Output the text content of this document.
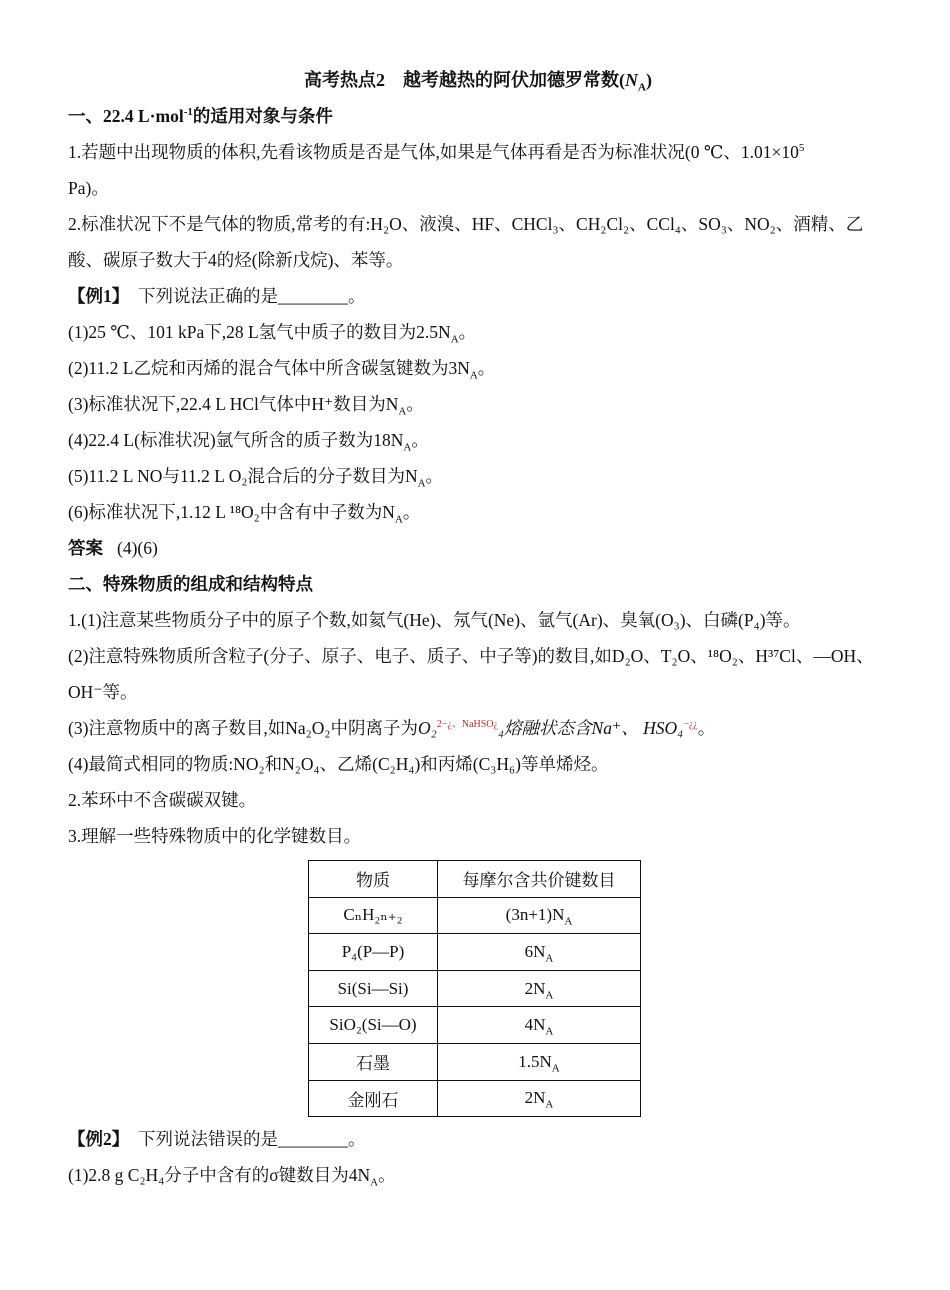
高考热点2　越考越热的阿伏加德罗常数$(N_A)$
一、22.4 L·mol$^{-1}$的适用对象与条件
1.若题中出现物质的体积,先看该物质是否是气体,如果是气体再看是否为标准状况(0 ℃、$1.01\times 10^5$
Pa)。
2.标准状况下不是气体的物质,常考的有:H₂O、液溴、HF、CHCl₃、CH₂Cl₂、CCl₄、SO₃、NO₂、酒精、乙酸、碳原子数大于4的烃(除新戊烷)、苯等。
【例1】　下列说法正确的是________。
(1)25 ℃、101 kPa下,28 L氢气中质子的数目为$2.5N_A$。
(2)11.2 L乙烷和丙烯的混合气体中所含碳氢键数为$3N_A$。
(3)标准状况下,22.4 L HCl气体中H⁺数目为$N_A$。
(4)22.4 L(标准状况)氩气所含的质子数为$18N_A$。
(5)11.2 L NO与11.2 L O₂混合后的分子数目为$N_A$。
(6)标准状况下,1.12 L ¹⁸O₂中含有中子数为$N_A$。
答案 (4)(6)
二、特殊物质的组成和结构特点
1.(1)注意某些物质分子中的原子个数,如氦气(He)、氖气(Ne)、氩气(Ar)、臭氧(O₃)、白磷(P₄)等。
(2)注意特殊物质所含粒子(分子、原子、电子、质子、中子等)的数目,如D₂O、T₂O、¹⁸O₂、H³⁷Cl、—OH、OH⁻等。
(3)注意物质中的离子数目,如Na₂O₂中阴离子为O₂$^{2-¿、NaHSO¿}$₄熔融状态含Na⁺、 HSO₄−¿¿。
(4)最简式相同的物质:NO₂和N₂O₄、乙烯(C₂H₄)和丙烯(C₃H₆)等单烯烃。
2.苯环中不含碳碳双键。
3.理解一些特殊物质中的化学键数目。
物质	每摩尔含共价键数目
CₙH₂ₙ₊₂	$(3n+1)N_A$
P₄(P—P)	$6N_A$
Si(Si—Si)	$2N_A$
SiO₂(Si—O)	$4N_A$
石墨	$1.5N_A$
金刚石	$2N_A$
【例2】　下列说法错误的是________。
(1)2.8 g C₂H₄分子中含有的σ键数目为$4N_A$。
